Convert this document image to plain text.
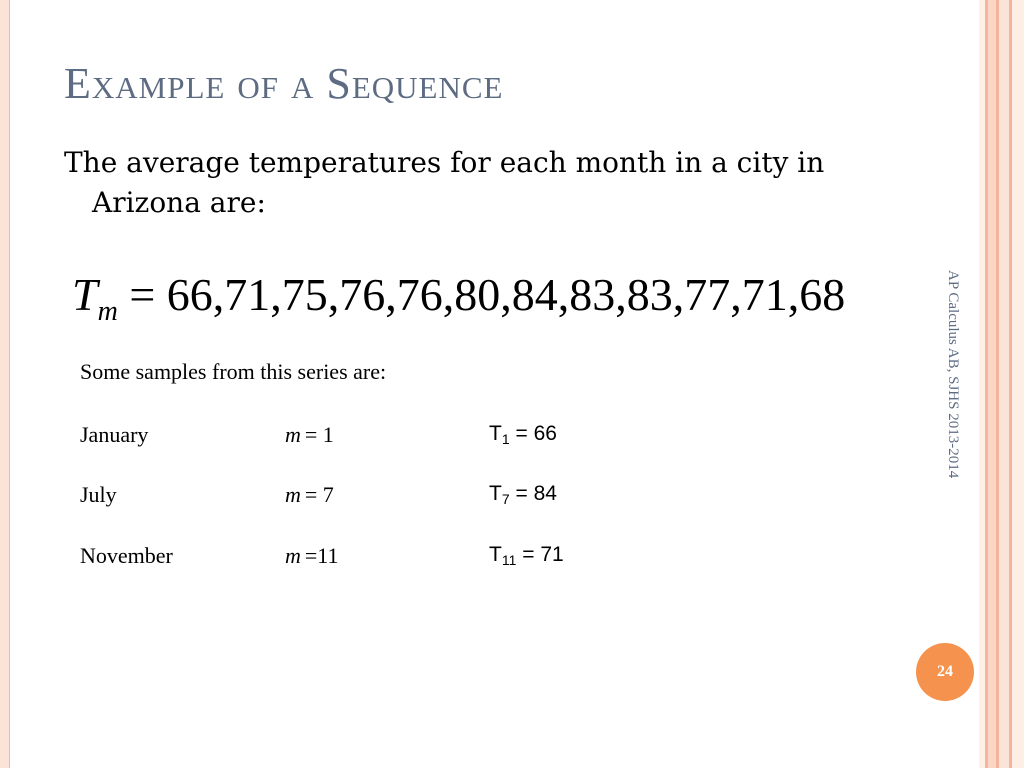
Example of a Sequence
The average temperatures for each month in a city in Arizona are:
$T_m = 66,71,75,76,76,80,84,83,83,77,71,68$
Some samples from this series are:
January	m = 1	$T_1 = 66$
July	m = 7	$T_7 = 84$
November	m =11	$T_{11} = 71$
AP Calculus AB, SJHS 2013-2014
24
